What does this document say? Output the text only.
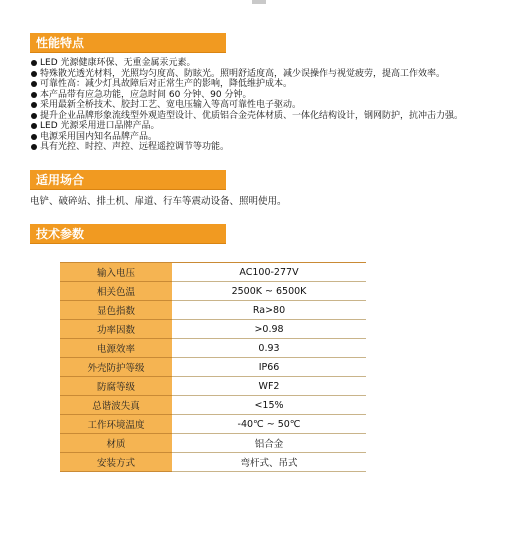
性能特点
LED 光源健康环保、无重金属汞元素。
特殊散光透光材料，光照均匀度高、防眩光。照明舒适度高，减少误操作与视觉疲劳，提高工作效率。
可靠性高：减少灯具故障后对正常生产的影响，降低维护成本。
本产品带有应急功能，应急时间 60 分钟、90 分钟。
采用最新全桥技术、胶封工艺、宽电压输入等高可靠性电子驱动。
提升企业品牌形象流线型外观造型设计、优质铝合金壳体材质、一体化结构设计，钢网防护，抗冲击力强。
LED 光源采用进口品牌产品。
电源采用国内知名品牌产品。
具有光控、时控、声控、远程遥控调节等功能。
适用场合
电铲、破碎站、排土机、扉道、行车等震动设备、照明使用。
技术参数
输入电压	AC100-277V
相关色温	2500K ~ 6500K
显色指数	Ra>80
功率因数	>0.98
电源效率	0.93
外壳防护等级	IP66
防腐等级	WF2
总谐波失真	<15%
工作环境温度	-40℃ ~ 50℃
材质	铝合金
安装方式	弯杆式、吊式
